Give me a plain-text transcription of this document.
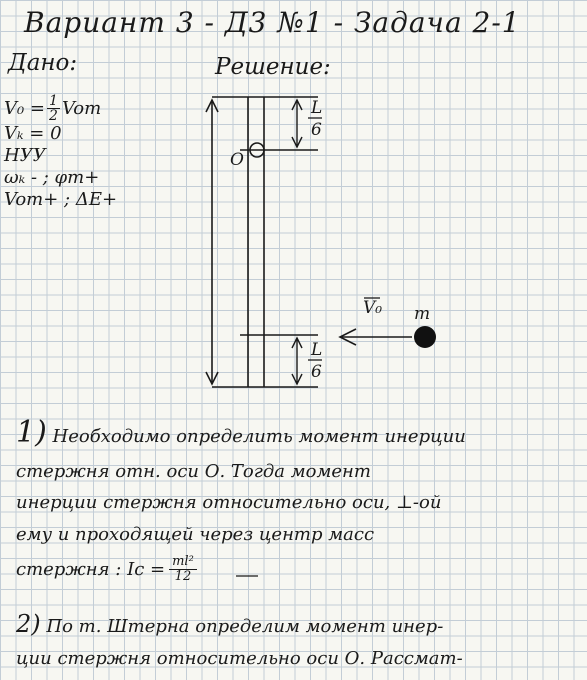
Вариант 3 - Д3 №1 - Задача 2-1
Дано:	Решение:
$V_0 = \frac{1}{2}$ Vom
Vₖ = 0
НУУ
ωₖ - ; φm+
Vom+ ; ΔE+
L
6
L
6
O
V₀ m
1) Необходимо определить момент инерции
стержня отн. оси О. Тогда момент
инерции стержня относительно оси, ⊥-ой
ему и проходящей через центр масс
стержня : $Ic = \frac{\text{ml²}}{12}$
2) По т. Штерна определим момент инер-
ции стержня относительно оси О. Рассмат-
